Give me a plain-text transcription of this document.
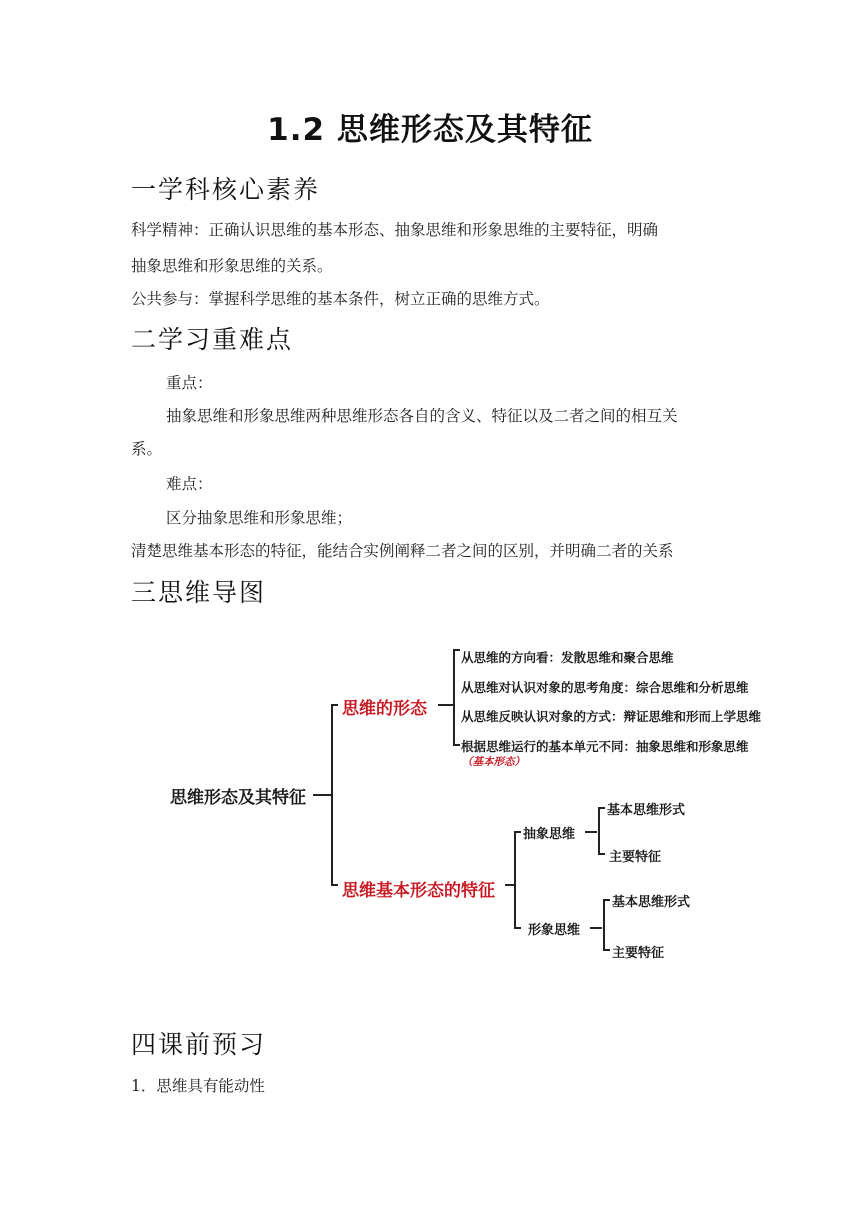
1.2 思维形态及其特征
一学科核心素养
科学精神：正确认识思维的基本形态、抽象思维和形象思维的主要特征，明确
抽象思维和形象思维的关系。
公共参与：掌握科学思维的基本条件，树立正确的思维方式。
二学习重难点
重点：
抽象思维和形象思维两种思维形态各自的含义、特征以及二者之间的相互关
系。
难点：
区分抽象思维和形象思维；
清楚思维基本形态的特征，能结合实例阐释二者之间的区别，并明确二者的关系
三思维导图
思维形态及其特征
思维的形态
从思维的方向看：发散思维和聚合思维
从思维对认识对象的思考角度：综合思维和分析思维
从思维反映认识对象的方式：辩证思维和形而上学思维
根据思维运行的基本单元不同：抽象思维和形象思维
（基本形态）
思维基本形态的特征
抽象思维
基本思维形式
主要特征
形象思维
基本思维形式
主要特征
四课前预习
1．思维具有能动性
